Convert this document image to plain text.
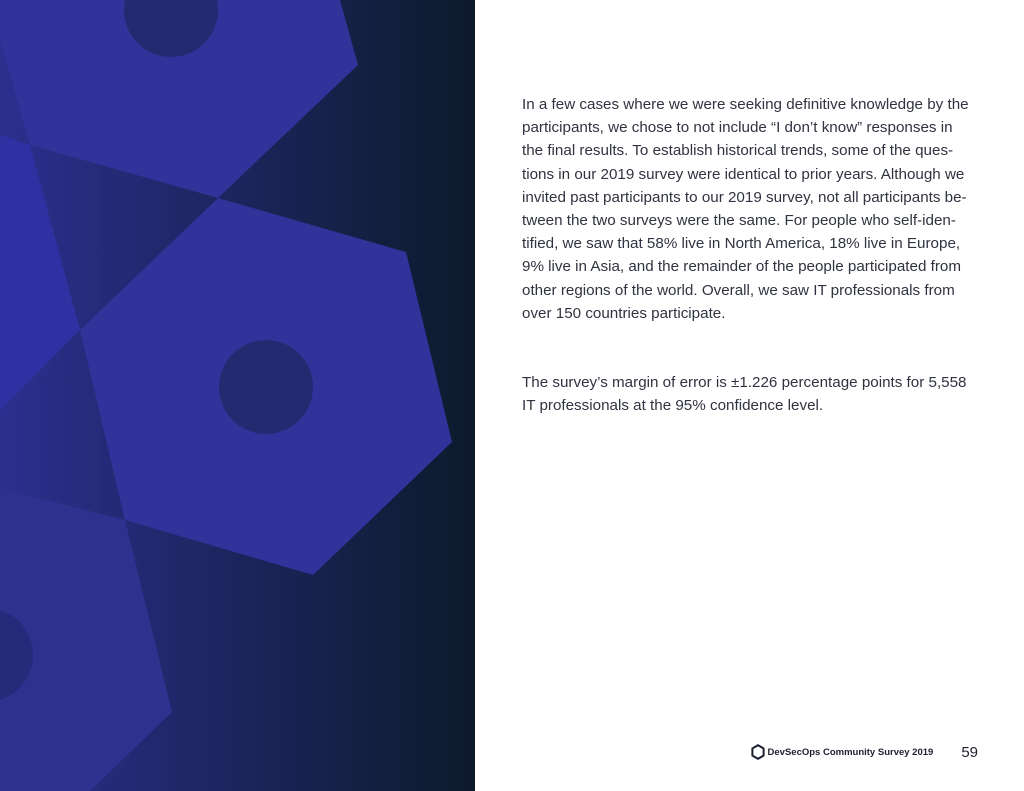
In a few cases where we were seeking definitive knowledge by the
participants, we chose to not include “I don’t know” responses in
the final results. To establish historical trends, some of the ques-
tions in our 2019 survey were identical to prior years. Although we
invited past participants to our 2019 survey, not all participants be-
tween the two surveys were the same. For people who self-iden-
tified, we saw that 58% live in North America, 18% live in Europe,
9% live in Asia, and the remainder of the people participated from
other regions of the world. Overall, we saw IT professionals from
over 150 countries participate.

The survey’s margin of error is ±1.226 percentage points for 5,558
IT professionals at the 95% confidence level.

DevSecOps Community Survey 2019 59
